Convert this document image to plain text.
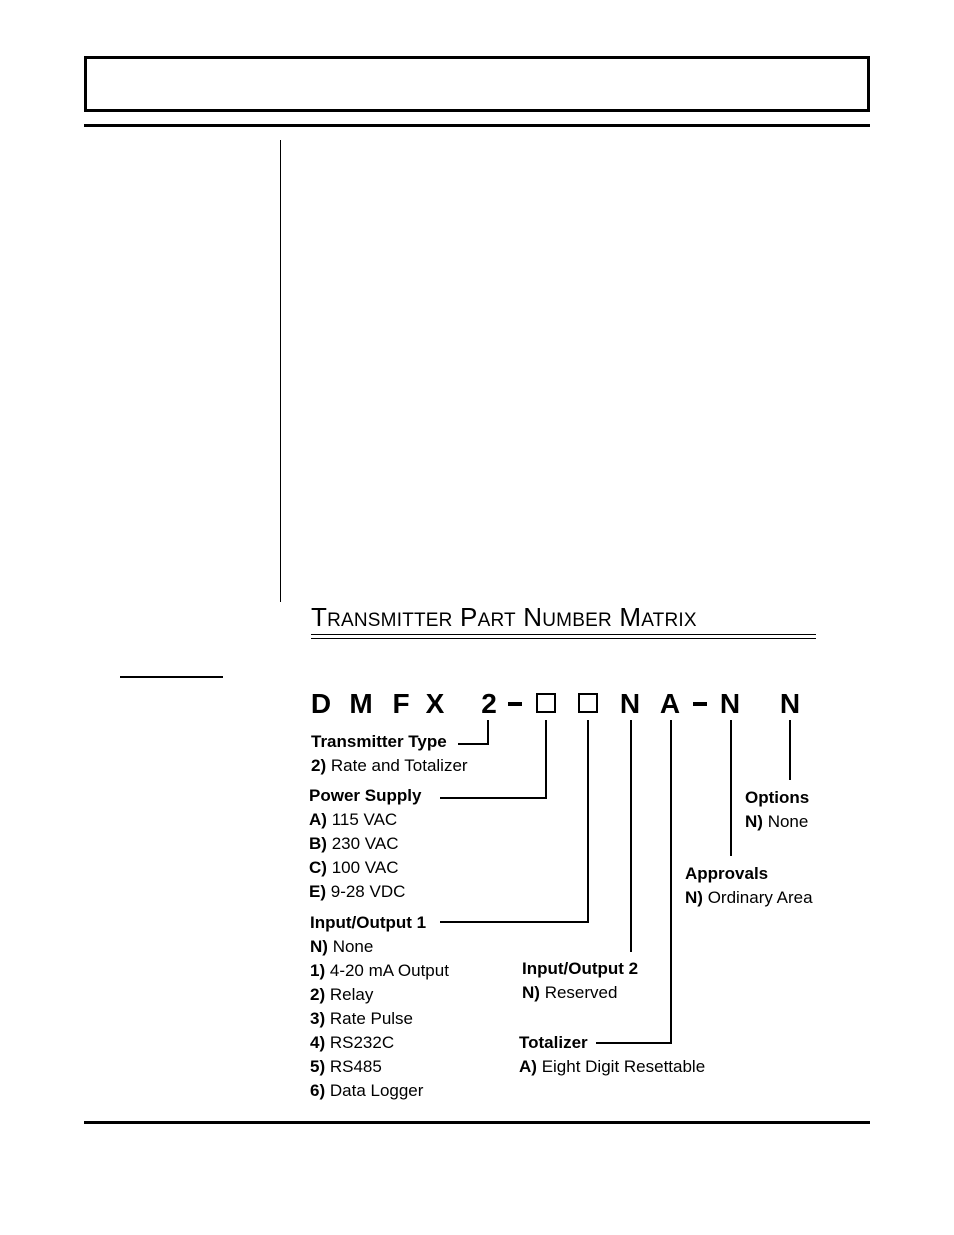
TRANSMITTER PART NUMBER MATRIX
D M F X 2	N A N N
Transmitter Type
2) Rate and Totalizer
Power Supply
A) 115 VAC
B) 230 VAC
C) 100 VAC
E) 9-28 VDC
Input/Output 1
N) None
1) 4-20 mA Output
2) Relay
3) Rate Pulse
4) RS232C
5) RS485
6) Data Logger
Input/Output 2
N) Reserved
Totalizer
A) Eight Digit Resettable
Approvals
N) Ordinary Area
Options
N) None
